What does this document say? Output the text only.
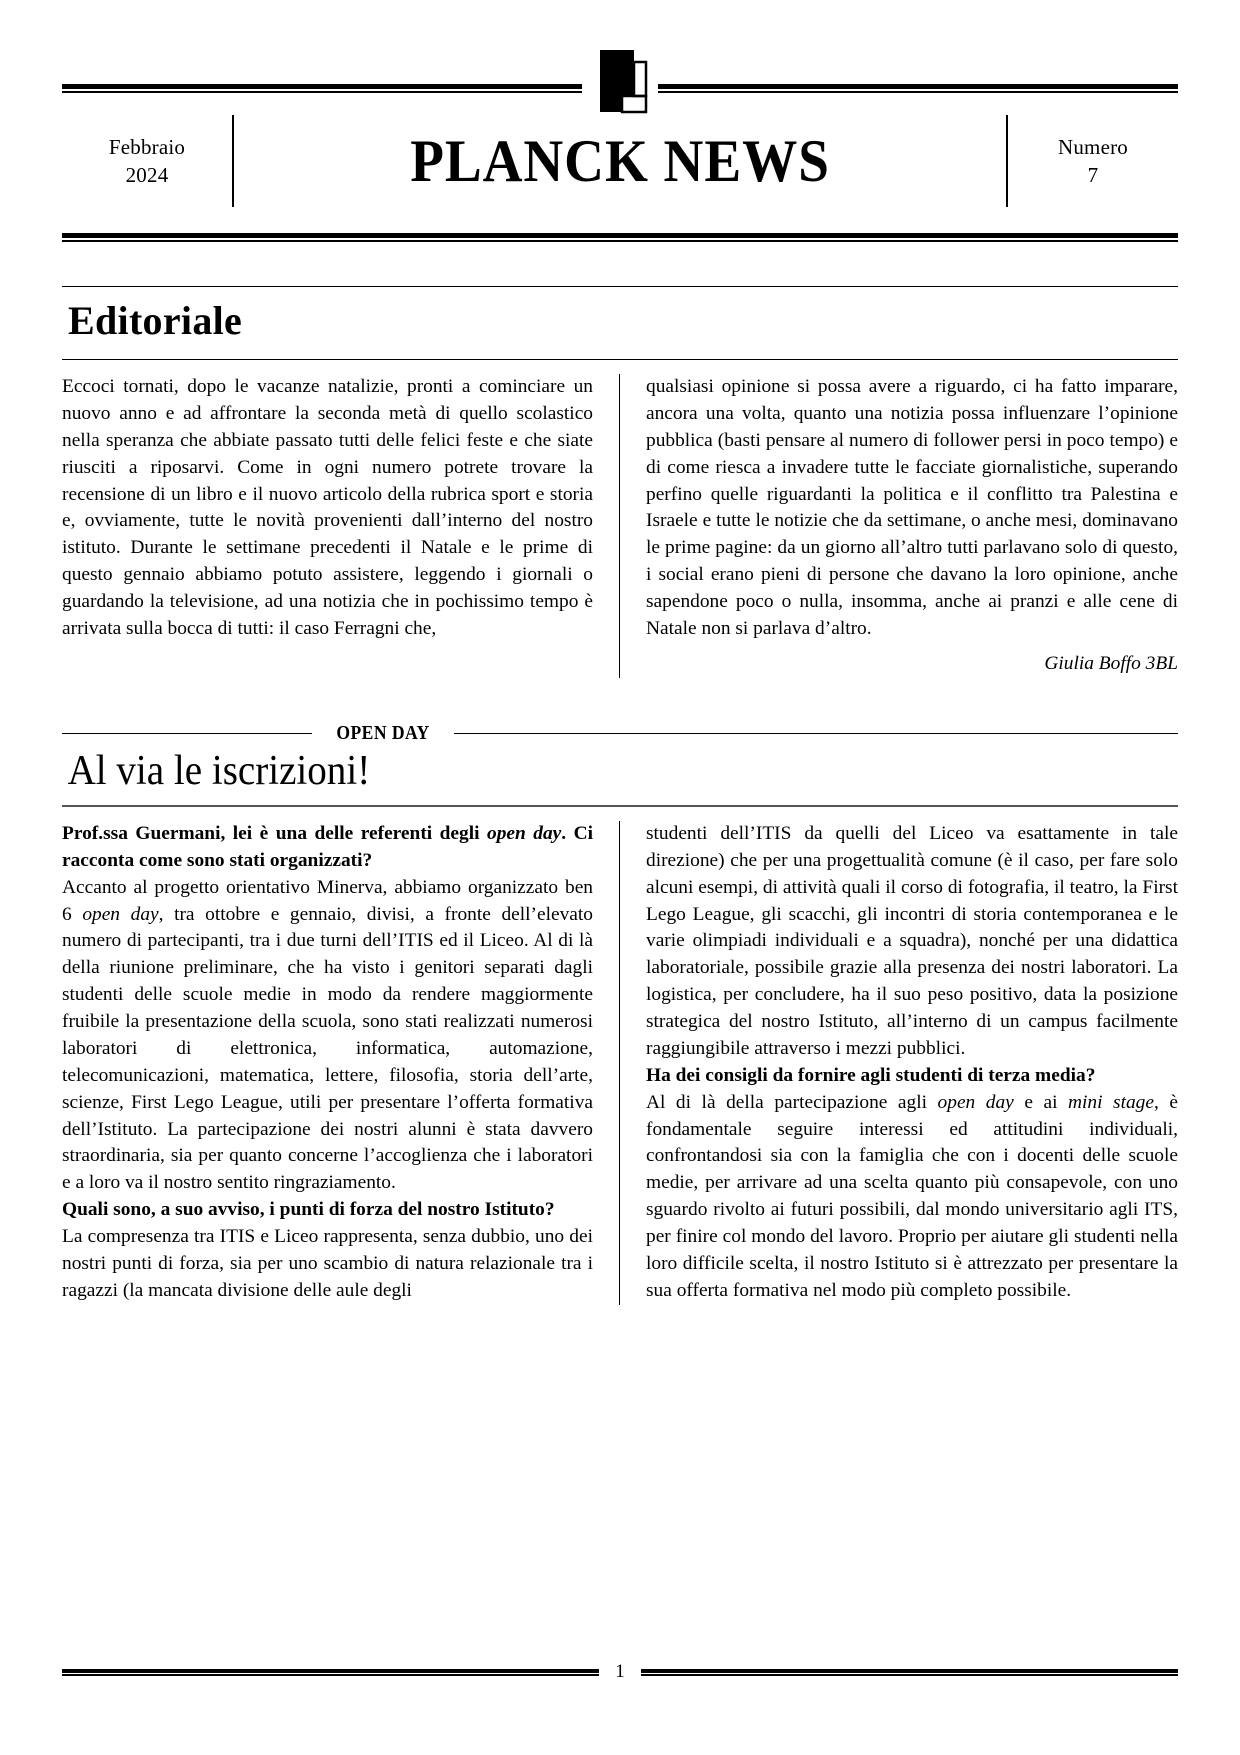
Febbraio
2024	PLANCK NEWS	Numero
7
Editoriale

Eccoci tornati, dopo le vacanze natalizie, pronti a cominciare un nuovo anno e ad affrontare la seconda metà di quello scolastico nella speranza che abbiate passato tutti delle felici feste e che siate riusciti a riposarvi. Come in ogni numero potrete trovare la recensione di un libro e il nuovo articolo della rubrica sport e storia e, ovviamente, tutte le novità provenienti dall’interno del nostro istituto. Durante le settimane precedenti il Natale e le prime di questo gennaio abbiamo potuto assistere, leggendo i giornali o guardando la televisione, ad una notizia che in pochissimo tempo è arrivata sulla bocca di tutti: il caso Ferragni che,

qualsiasi opinione si possa avere a riguardo, ci ha fatto imparare, ancora una volta, quanto una notizia possa influenzare l’opinione pubblica (basti pensare al numero di follower persi in poco tempo) e di come riesca a invadere tutte le facciate giornalistiche, superando perfino quelle riguardanti la politica e il conflitto tra Palestina e Israele e tutte le notizie che da settimane, o anche mesi, dominavano le prime pagine: da un giorno all’altro tutti parlavano solo di questo, i social erano pieni di persone che davano la loro opinione, anche sapendone poco o nulla, insomma, anche ai pranzi e alle cene di Natale non si parlava d’altro.

Giulia Boffo 3BL
OPEN DAY
Al via le iscrizioni!

Prof.ssa Guermani, lei è una delle referenti degli open day. Ci racconta come sono stati organizzati?

Accanto al progetto orientativo Minerva, abbiamo organizzato ben 6 open day, tra ottobre e gennaio, divisi, a fronte dell’elevato numero di partecipanti, tra i due turni dell’ITIS ed il Liceo. Al di là della riunione preliminare, che ha visto i genitori separati dagli studenti delle scuole medie in modo da rendere maggiormente fruibile la presentazione della scuola, sono stati realizzati numerosi laboratori di elettronica, informatica, automazione, telecomunicazioni, matematica, lettere, filosofia, storia dell’arte, scienze, First Lego League, utili per presentare l’offerta formativa dell’Istituto. La partecipazione dei nostri alunni è stata davvero straordinaria, sia per quanto concerne l’accoglienza che i laboratori e a loro va il nostro sentito ringraziamento.

Quali sono, a suo avviso, i punti di forza del nostro Istituto?

La compresenza tra ITIS e Liceo rappresenta, senza dubbio, uno dei nostri punti di forza, sia per uno scambio di natura relazionale tra i ragazzi (la mancata divisione delle aule degli

studenti dell’ITIS da quelli del Liceo va esattamente in tale direzione) che per una progettualità comune (è il caso, per fare solo alcuni esempi, di attività quali il corso di fotografia, il teatro, la First Lego League, gli scacchi, gli incontri di storia contemporanea e le varie olimpiadi individuali e a squadra), nonché per una didattica laboratoriale, possibile grazie alla presenza dei nostri laboratori. La logistica, per concludere, ha il suo peso positivo, data la posizione strategica del nostro Istituto, all’interno di un campus facilmente raggiungibile attraverso i mezzi pubblici.

Ha dei consigli da fornire agli studenti di terza media?

Al di là della partecipazione agli open day e ai mini stage, è fondamentale seguire interessi ed attitudini individuali, confrontandosi sia con la famiglia che con i docenti delle scuole medie, per arrivare ad una scelta quanto più consapevole, con uno sguardo rivolto ai futuri possibili, dal mondo universitario agli ITS, per finire col mondo del lavoro. Proprio per aiutare gli studenti nella loro difficile scelta, il nostro Istituto si è attrezzato per presentare la sua offerta formativa nel modo più completo possibile.

1
